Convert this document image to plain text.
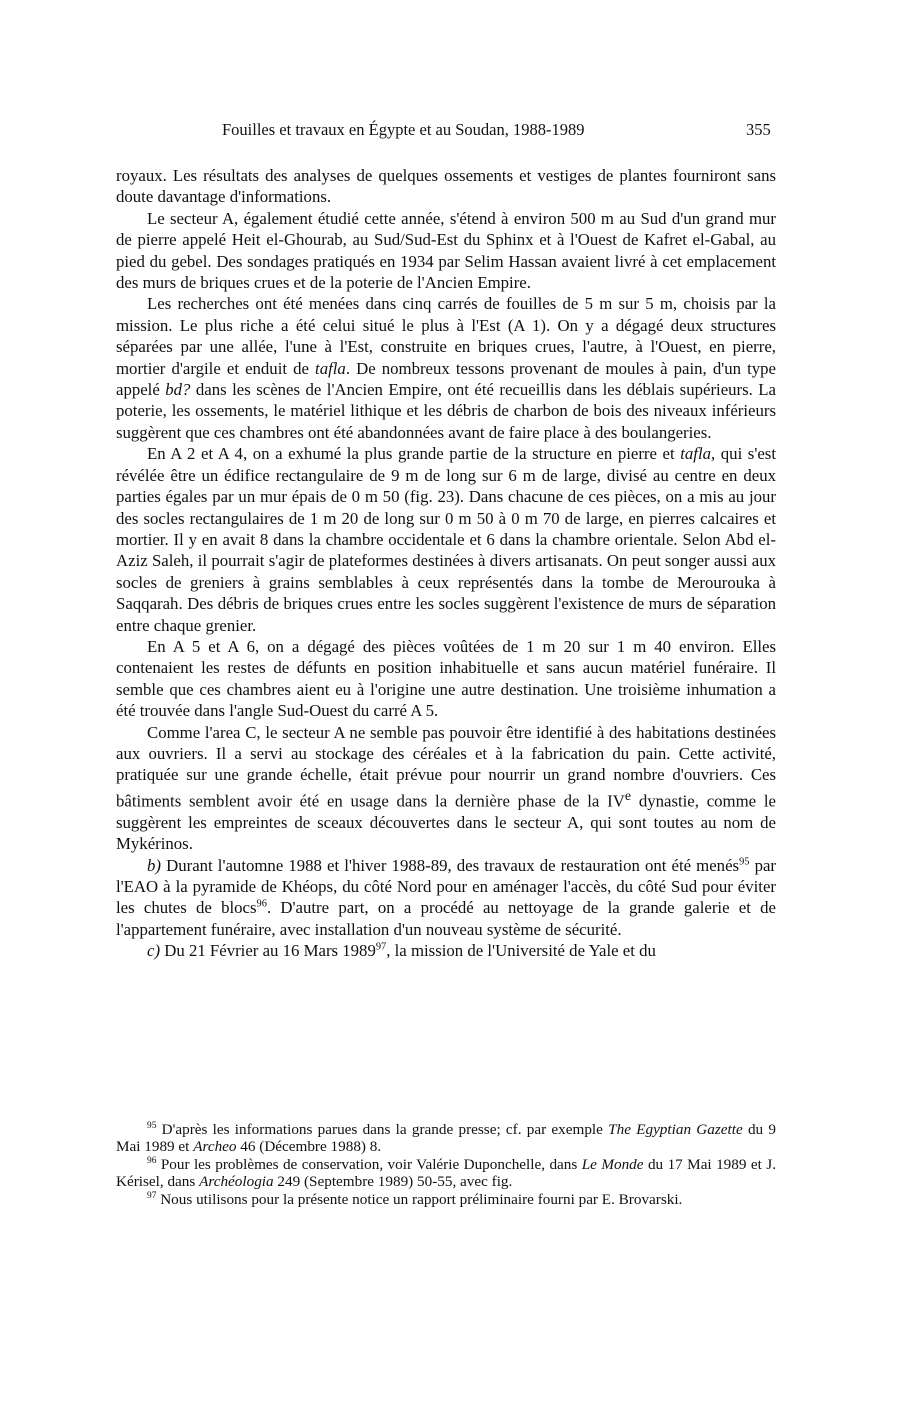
Fouilles et travaux en Égypte et au Soudan, 1988-1989	355

royaux. Les résultats des analyses de quelques ossements et vestiges de plantes fourniront sans doute davantage d'informations.

Le secteur A, également étudié cette année, s'étend à environ 500 m au Sud d'un grand mur de pierre appelé Heit el-Ghourab, au Sud/Sud-Est du Sphinx et à l'Ouest de Kafret el-Gabal, au pied du gebel. Des sondages pratiqués en 1934 par Selim Hassan avaient livré à cet emplacement des murs de briques crues et de la poterie de l'Ancien Empire.

Les recherches ont été menées dans cinq carrés de fouilles de 5 m sur 5 m, choisis par la mission. Le plus riche a été celui situé le plus à l'Est (A 1). On y a dégagé deux structures séparées par une allée, l'une à l'Est, construite en briques crues, l'autre, à l'Ouest, en pierre, mortier d'argile et enduit de tafla. De nombreux tessons provenant de moules à pain, d'un type appelé bd? dans les scènes de l'Ancien Empire, ont été recueillis dans les déblais supérieurs. La poterie, les ossements, le matériel lithique et les débris de charbon de bois des niveaux inférieurs suggèrent que ces chambres ont été abandonnées avant de faire place à des boulangeries.

En A 2 et A 4, on a exhumé la plus grande partie de la structure en pierre et tafla, qui s'est révélée être un édifice rectangulaire de 9 m de long sur 6 m de large, divisé au centre en deux parties égales par un mur épais de 0 m 50 (fig. 23). Dans chacune de ces pièces, on a mis au jour des socles rectangulaires de 1 m 20 de long sur 0 m 50 à 0 m 70 de large, en pierres calcaires et mortier. Il y en avait 8 dans la chambre occidentale et 6 dans la chambre orientale. Selon Abd el-Aziz Saleh, il pourrait s'agir de plateformes destinées à divers artisanats. On peut songer aussi aux socles de greniers à grains semblables à ceux représentés dans la tombe de Merourouka à Saqqarah. Des débris de briques crues entre les socles suggèrent l'existence de murs de séparation entre chaque grenier.

En A 5 et A 6, on a dégagé des pièces voûtées de 1 m 20 sur 1 m 40 environ. Elles contenaient les restes de défunts en position inhabituelle et sans aucun matériel funéraire. Il semble que ces chambres aient eu à l'origine une autre destination. Une troisième inhumation a été trouvée dans l'angle Sud-Ouest du carré A 5.

Comme l'area C, le secteur A ne semble pas pouvoir être identifié à des habitations destinées aux ouvriers. Il a servi au stockage des céréales et à la fabrication du pain. Cette activité, pratiquée sur une grande échelle, était prévue pour nourrir un grand nombre d'ouvriers. Ces bâtiments semblent avoir été en usage dans la dernière phase de la IVe dynastie, comme le suggèrent les empreintes de sceaux découvertes dans le secteur A, qui sont toutes au nom de Mykérinos.

b) Durant l'automne 1988 et l'hiver 1988-89, des travaux de restauration ont été menés$^{95}$ par l'EAO à la pyramide de Khéops, du côté Nord pour en aménager l'accès, du côté Sud pour éviter les chutes de blocs$^{96}$. D'autre part, on a procédé au nettoyage de la grande galerie et de l'appartement funéraire, avec installation d'un nouveau système de sécurité.

c) Du 21 Février au 16 Mars 1989$^{97}$, la mission de l'Université de Yale et du

$^{95}$ D'après les informations parues dans la grande presse; cf. par exemple The Egyptian Gazette du 9 Mai 1989 et Archeo 46 (Décembre 1988) 8.

$^{96}$ Pour les problèmes de conservation, voir Valérie Duponchelle, dans Le Monde du 17 Mai 1989 et J. Kérisel, dans Archéologia 249 (Septembre 1989) 50-55, avec fig.

$^{97}$ Nous utilisons pour la présente notice un rapport préliminaire fourni par E. Brovarski.
